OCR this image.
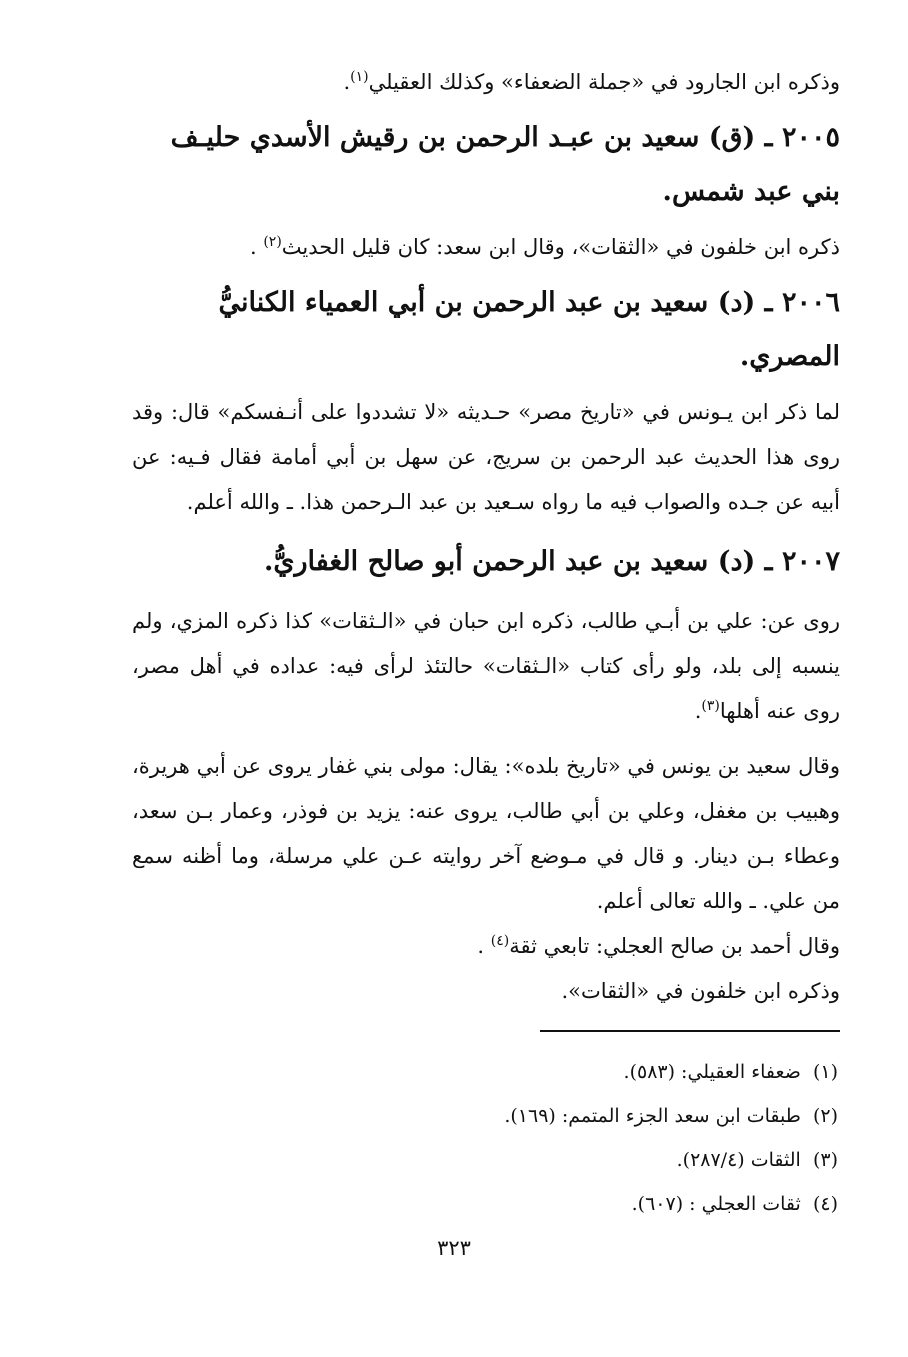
وذكره ابن الجارود في «جملة الضعفاء» وكذلك العقيلي$^{(١)}$.

٢٠٠٥ ـ (ق) سعيد بن عبـد الرحمن بن رقيش الأسدي حليـف بني عبد شمس.

ذكره ابن خلفون في «الثقات»، وقال ابن سعد: كان قليل الحديث$^{(٢)}$ .

٢٠٠٦ ـ (د) سعيد بن عبد الرحمن بن أبي العمياء الكنانيُّ المصري.

لما ذكر ابن يـونس في «تاريخ مصر» حـديثه «لا تشددوا على أنـفسكم» قال: وقد روى هذا الحديث عبد الرحمن بن سريج، عن سهل بن أبي أمامة فقال فـيه: عن أبيه عن جـده والصواب فيه ما رواه سـعيد بن عبد الـرحمن هذا. ـ والله أعلم.

٢٠٠٧ ـ (د) سعيد بن عبد الرحمن أبو صالح الغفاريُّ.

روى عن: علي بن أبـي طالب، ذكره ابن حبان في «الـثقات» كذا ذكره المزي، ولم ينسبه إلى بلد، ولو رأى كتاب «الـثقات» حالتئذ لرأى فيه: عداده في أهل مصر، روى عنه أهلها$^{(٣)}$.

وقال سعيد بن يونس في «تاريخ بلده»: يقال: مولى بني غفار يروى عن أبي هريرة، وهبيب بن مغفل، وعلي بن أبي طالب، يروى عنه: يزيد بن فوذر، وعمار بـن سعد، وعطاء بـن دينار. و قال في مـوضع آخر روايته عـن علي مرسلة، وما أظنه سمع من علي. ـ والله تعالى أعلم.

وقال أحمد بن صالح العجلي: تابعي ثقة$^{(٤)}$ .

وذكره ابن خلفون في «الثقات».

(١)  ضعفاء العقيلي: (٥٨٣).

(٢)  طبقات ابن سعد الجزء المتمم: (١٦٩).

(٣)  الثقات (٢٨٧/٤).

(٤)  ثقات العجلي : (٦٠٧).

٣٢٣
